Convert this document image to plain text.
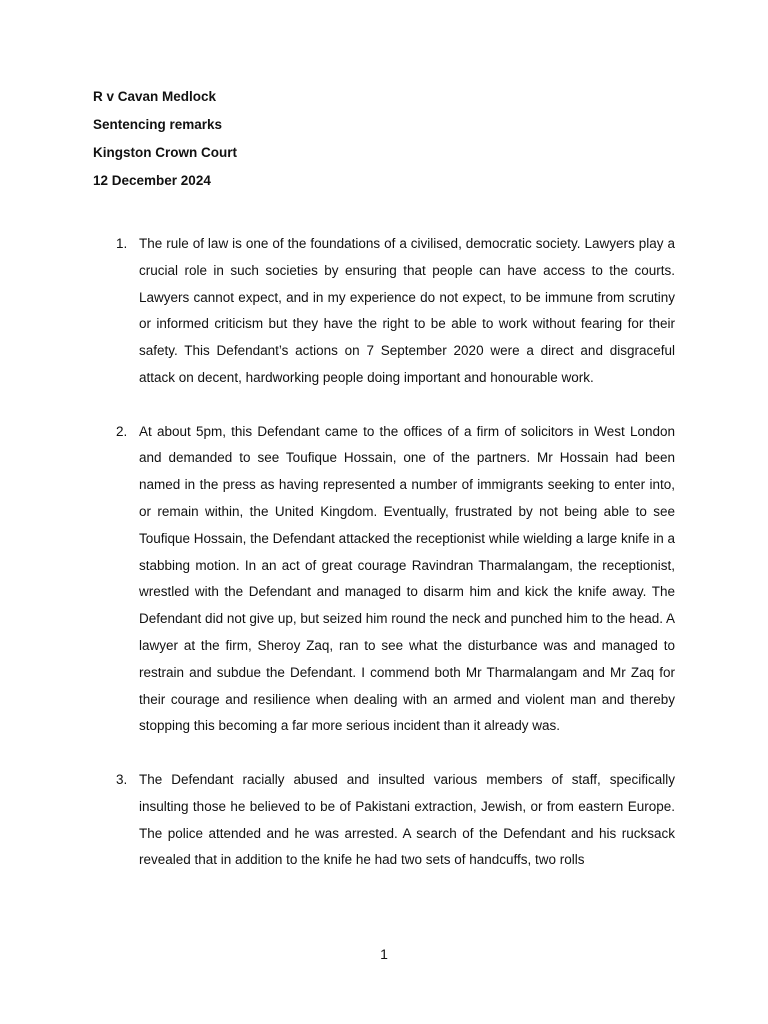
R v Cavan Medlock
Sentencing remarks
Kingston Crown Court
12 December 2024

1. The rule of law is one of the foundations of a civilised, democratic society. Lawyers play a crucial role in such societies by ensuring that people can have access to the courts. Lawyers cannot expect, and in my experience do not expect, to be immune from scrutiny or informed criticism but they have the right to be able to work without fearing for their safety. This Defendant’s actions on 7 September 2020 were a direct and disgraceful attack on decent, hardworking people doing important and honourable work.

2. At about 5pm, this Defendant came to the offices of a firm of solicitors in West London and demanded to see Toufique Hossain, one of the partners. Mr Hossain had been named in the press as having represented a number of immigrants seeking to enter into, or remain within, the United Kingdom. Eventually, frustrated by not being able to see Toufique Hossain, the Defendant attacked the receptionist while wielding a large knife in a stabbing motion. In an act of great courage Ravindran Tharmalangam, the receptionist, wrestled with the Defendant and managed to disarm him and kick the knife away. The Defendant did not give up, but seized him round the neck and punched him to the head. A lawyer at the firm, Sheroy Zaq, ran to see what the disturbance was and managed to restrain and subdue the Defendant. I commend both Mr Tharmalangam and Mr Zaq for their courage and resilience when dealing with an armed and violent man and thereby stopping this becoming a far more serious incident than it already was.

3. The Defendant racially abused and insulted various members of staff, specifically insulting those he believed to be of Pakistani extraction, Jewish, or from eastern Europe. The police attended and he was arrested. A search of the Defendant and his rucksack revealed that in addition to the knife he had two sets of handcuffs, two rolls

1
